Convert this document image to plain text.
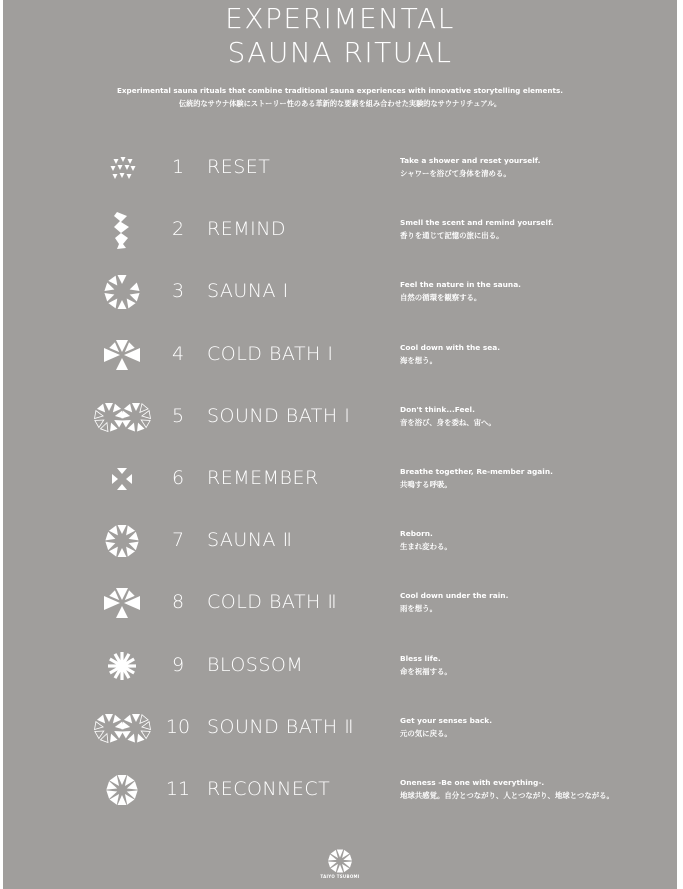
EXPERIMENTAL
SAUNA RITUAL
Experimental sauna rituals that combine traditional sauna experiences with innovative storytelling elements.
伝統的なサウナ体験にストーリー性のある革新的な要素を組み合わせた実験的なサウナリチュアル。
1	RESET	Take a shower and reset yourself.
シャワーを浴びて身体を清める。
2	REMIND	Smell the scent and remind yourself.
香りを通じて記憶の旅に出る。
3	SAUNA Ⅰ	Feel the nature in the sauna.
自然の循環を観察する。
4	COLD BATH Ⅰ	Cool down with the sea.
海を想う。
5	SOUND BATH Ⅰ	Don't think...Feel.
音を浴び、身を委ね、宙へ。
6	REMEMBER	Breathe together, Re-member again.
共鳴する呼吸。
7	SAUNA Ⅱ	Reborn.
生まれ変わる。
8	COLD BATH Ⅱ	Cool down under the rain.
雨を想う。
9	BLOSSOM	Bless life.
命を祝福する。
10 SOUND BATH Ⅱ	Get your senses back.
元の気に戻る。
11 RECONNECT	Oneness -Be one with everything-.
地球共感覚。自分とつながり、人とつながり、地球とつながる。
TAIYO TSUBOMI
